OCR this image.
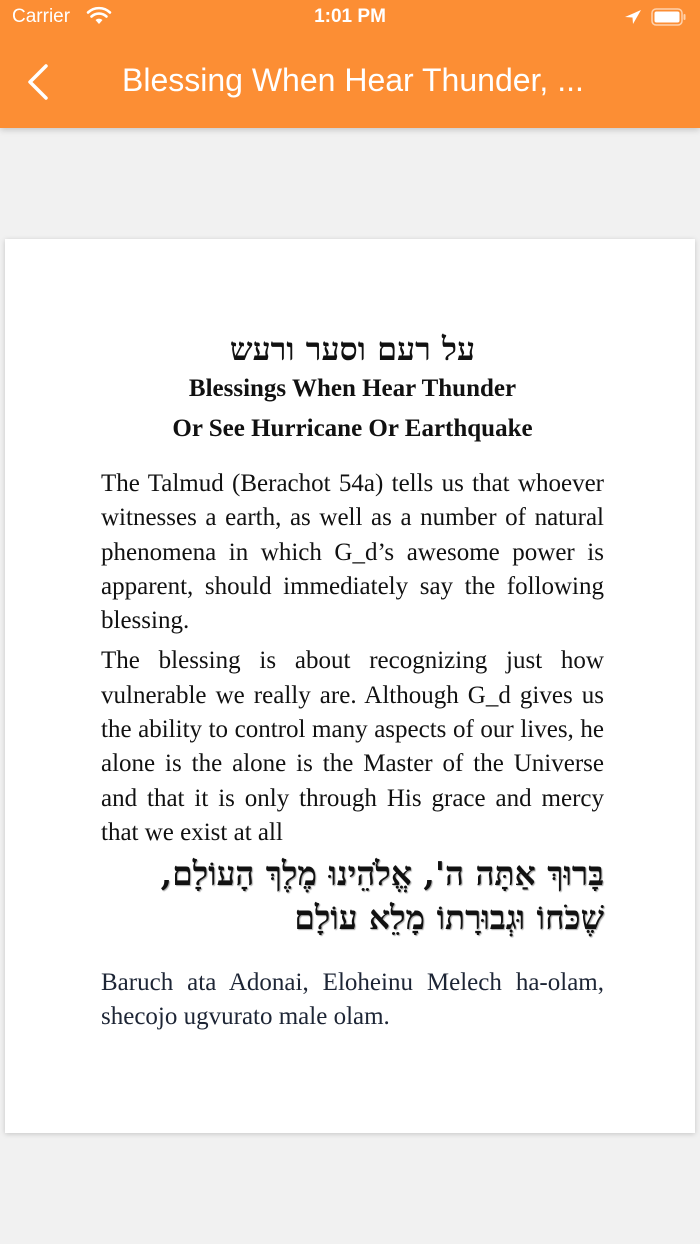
Carrier	1:01 PM
Blessing When Hear Thunder, ...

על רעם וסער ורעש

Blessings When Hear Thunder

Or See Hurricane Or Earthquake

The Talmud (Berachot 54a) tells us that whoever witnesses a earth, as well as a number of natural phenomena in which G_d’s awesome power is apparent, should immediately say the following blessing.

The blessing is about recognizing just how vulnerable we really are. Although G_d gives us the ability to control many aspects of our lives, he alone is the alone is the Master of the Universe and that it is only through His grace and mercy that we exist at all

בָּרוּךְ אַתָּה ה', אֱלֹהֵינוּ מֶלֶךְ הָעוֹלָם,

שֶׁכֹּחוֹ וּגְבוּרָתוֹ מָלֵא עוֹלָם

Baruch ata Adonai, Eloheinu Melech ha-olam, shecojo ugvurato male olam.
